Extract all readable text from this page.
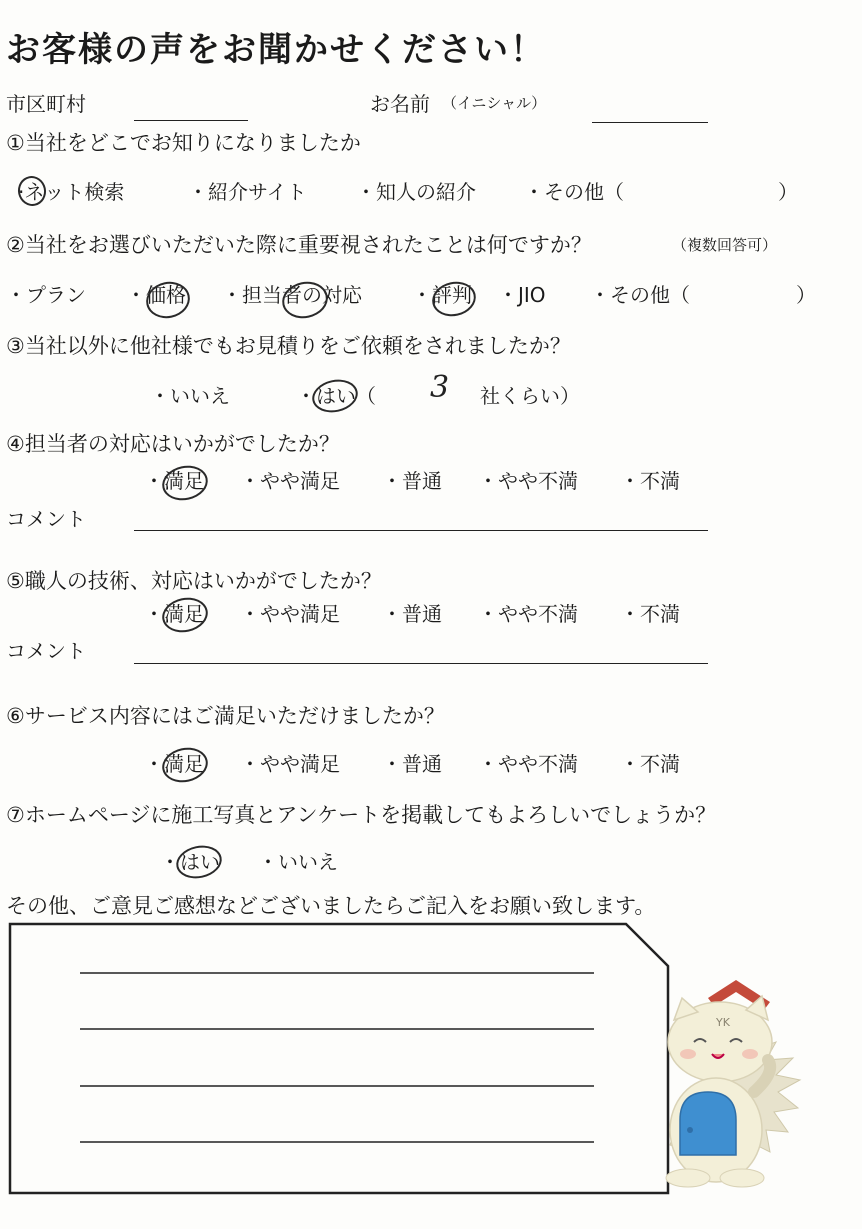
お客様の声をお聞かせください！
市区町村	お名前 （イニシャル）
①当社をどこでお知りになりましたか
·ネット検索	・紹介サイト ・知人の紹介 ・その他（	）
②当社をお選びいただいた際に重要視されたことは何ですか？	（複数回答可）
・プラン ・価格 ・担当者の対応	・評判 ・JIO ・その他（	）
③当社以外に他社様でもお見積りをご依頼をされましたか？
・いいえ	・はい（ 3 社くらい）
④担当者の対応はいかがでしたか？
・満足 ・やや満足 ・普通 ・やや不満 ・不満
コメント
⑤職人の技術、対応はいかがでしたか？
・満足 ・やや満足 ・普通 ・やや不満 ・不満
コメント
⑥サービス内容にはご満足いただけましたか？
・満足 ・やや満足 ・普通 ・やや不満 ・不満
⑦ホームページに施工写真とアンケートを掲載してもよろしいでしょうか？
・はい ・いいえ
その他、ご意見ご感想などございましたらご記入をお願い致します。
YK
